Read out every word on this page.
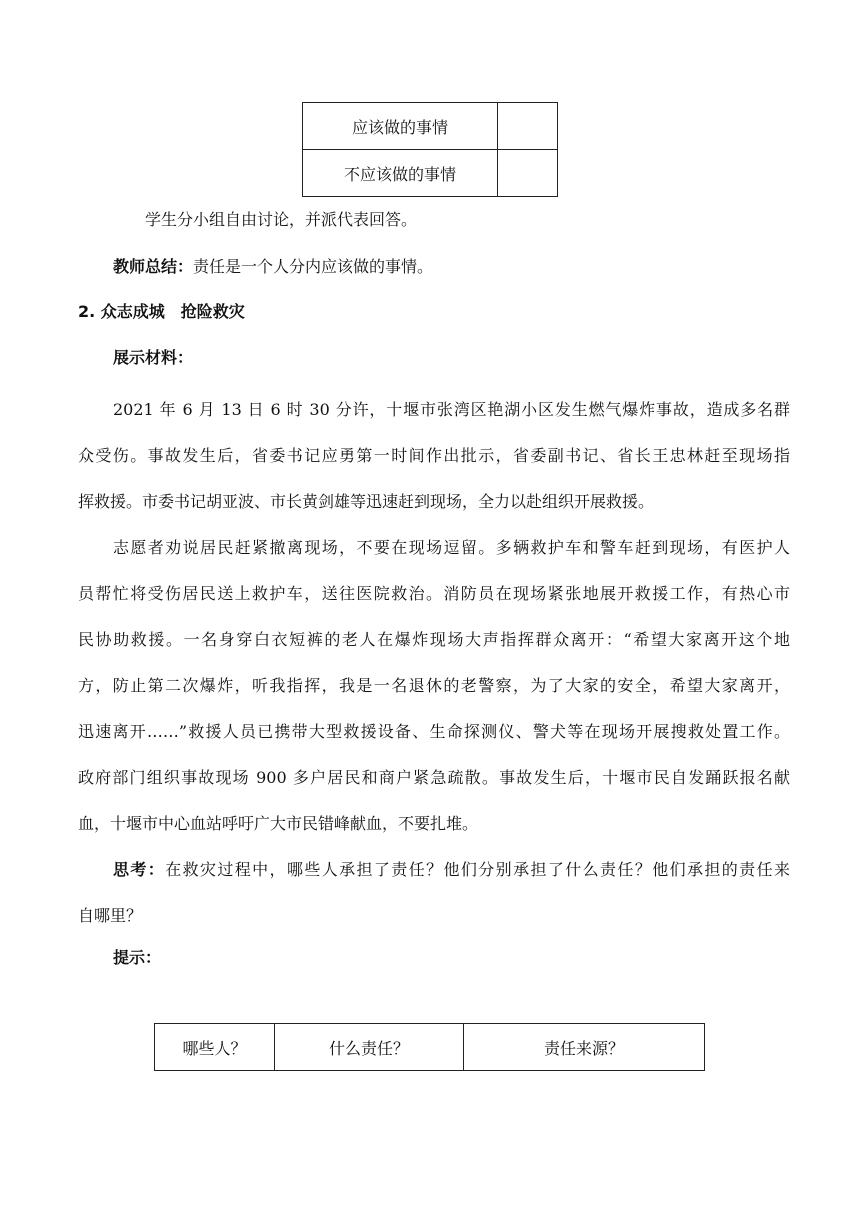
应该做的事情	
不应该做的事情	
学生分小组自由讨论，并派代表回答。
教师总结：责任是一个人分内应该做的事情。
2. 众志成城　抢险救灾
展示材料：
2021 年 6 月 13 日 6 时 30 分许，十堰市张湾区艳湖小区发生燃气爆炸事故，造成多名群
众受伤。事故发生后，省委书记应勇第一时间作出批示，省委副书记、省长王忠林赶至现场指
挥救援。市委书记胡亚波、市长黄剑雄等迅速赶到现场，全力以赴组织开展救援。
志愿者劝说居民赶紧撤离现场，不要在现场逗留。多辆救护车和警车赶到现场，有医护人
员帮忙将受伤居民送上救护车，送往医院救治。消防员在现场紧张地展开救援工作，有热心市
民协助救援。一名身穿白衣短裤的老人在爆炸现场大声指挥群众离开：“希望大家离开这个地
方，防止第二次爆炸，听我指挥，我是一名退休的老警察，为了大家的安全，希望大家离开，
迅速离开……”救援人员已携带大型救援设备、生命探测仪、警犬等在现场开展搜救处置工作。
政府部门组织事故现场 900 多户居民和商户紧急疏散。事故发生后，十堰市民自发踊跃报名献
血，十堰市中心血站呼吁广大市民错峰献血，不要扎堆。
思考：在救灾过程中，哪些人承担了责任？他们分别承担了什么责任？他们承担的责任来
自哪里？
提示：
哪些人？	什么责任？	责任来源？
